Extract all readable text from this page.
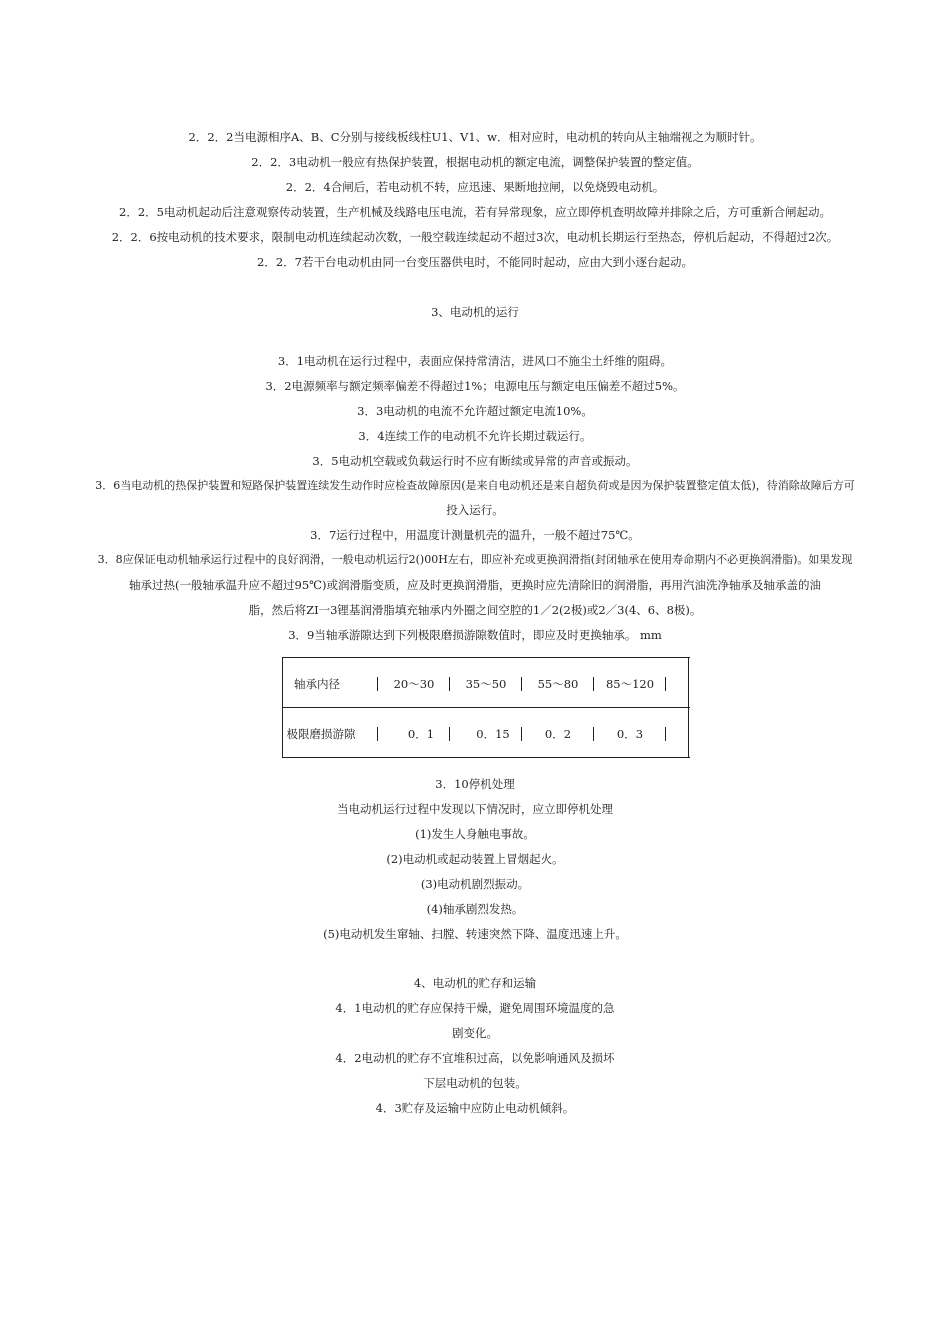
2．2．2当电源相序A、B、C分别与接线板线柱U1、V1、w．相对应时，电动机的转向从主轴端视之为顺时针。
2．2．3电动机一般应有热保护装置，根据电动机的额定电流，调整保护装置的整定值。
2．2．4合闸后，若电动机不转，应迅速、果断地拉闸，以免烧毁电动机。
2．2．5电动机起动后注意观察传动装置，生产机械及线路电压电流，若有异常现象，应立即停机查明故障并排除之后，方可重新合闸起动。
2．2．6按电动机的技术要求，限制电动机连续起动次数，一般空载连续起动不超过3次，电动机长期运行至热态，停机后起动，不得超过2次。
2．2．7若干台电动机由同一台变压器供电时，不能同时起动，应由大到小逐台起动。
3、电动机的运行
3．1电动机在运行过程中，表面应保持常清洁，进风口不施尘土纤维的阻碍。
3．2电源频率与额定频率偏差不得超过1%；电源电压与额定电压偏差不超过5%。
3．3电动机的电流不允许超过额定电流10%。
3．4连续工作的电动机不允许长期过载运行。
3．5电动机空载或负载运行时不应有断续或异常的声音或振动。
3．6当电动机的热保护装置和短路保护装置连续发生动作时应检查故障原因(是来自电动机还是来自超负荷或是因为保护装置整定值太低)，待消除故障后方可
投入运行。
3．7运行过程中，用温度计测量机壳的温升，一般不超过75℃。
3．8应保证电动机轴承运行过程中的良好润滑，一般电动机运行2()00H左右，即应补充或更换润滑指(封闭轴承在使用寿命期内不必更换润滑脂)。如果发现
轴承过热(一般轴承温升应不超过95℃)或润滑脂变质，应及时更换润滑脂，更换时应先清除旧的润滑脂，再用汽油洗净轴承及轴承盖的油
脂，然后将ZI一3锂基润滑脂填充轴承内外圈之间空腔的1／2(2极)或2／3(4、6、8极)。
3．9当轴承游隙达到下列极限磨损游隙数值时，即应及时更换轴承。 mm
轴承内径	20～30	35～50	55～80	85～120
极限磨损游隙	0．1	0．15	0．2	0．3
3．10停机处理
当电动机运行过程中发现以下情况时，应立即停机处理
(1)发生人身触电事故。
(2)电动机或起动装置上冒烟起火。
(3)电动机剧烈振动。
(4)轴承剧烈发热。
(5)电动机发生窜轴、扫膛、转速突然下降、温度迅速上升。
4、电动机的贮存和运输
4．1电动机的贮存应保持干燥，避免周围环境温度的急
剧变化。
4．2电动机的贮存不宜堆积过高，以免影响通风及损坏
下层电动机的包装。
4．3贮存及运输中应防止电动机倾斜。
